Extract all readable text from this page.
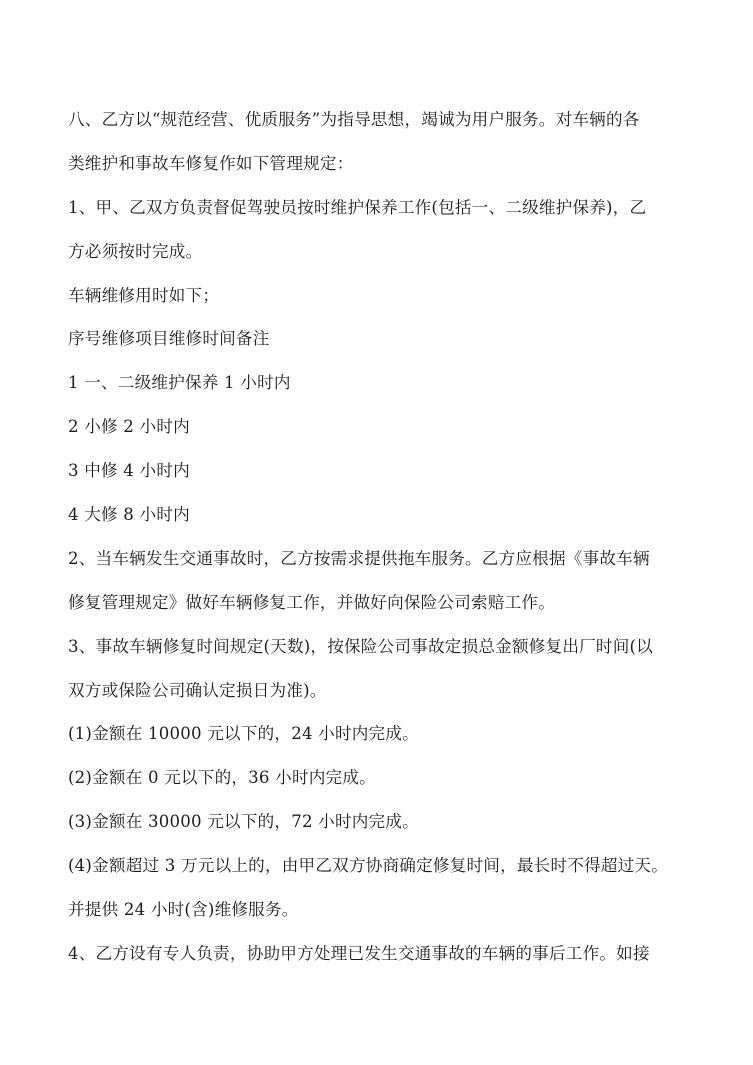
八、乙方以“规范经营、优质服务”为指导思想，竭诚为用户服务。对车辆的各
类维护和事故车修复作如下管理规定：
1、甲、乙双方负责督促驾驶员按时维护保养工作(包括一、二级维护保养)，乙
方必须按时完成。
车辆维修用时如下；
序号维修项目维修时间备注
1 一、二级维护保养 1 小时内
2 小修 2 小时内
3 中修 4 小时内
4 大修 8 小时内
2、当车辆发生交通事故时，乙方按需求提供拖车服务。乙方应根据《事故车辆
修复管理规定》做好车辆修复工作，并做好向保险公司索赔工作。
3、事故车辆修复时间规定(天数)，按保险公司事故定损总金额修复出厂时间(以
双方或保险公司确认定损日为准)。
(1)金额在 10000 元以下的，24 小时内完成。
(2)金额在 0 元以下的，36 小时内完成。
(3)金额在 30000 元以下的，72 小时内完成。
(4)金额超过 3 万元以上的，由甲乙双方协商确定修复时间，最长时不得超过天。
并提供 24 小时(含)维修服务。
4、乙方设有专人负责，协助甲方处理已发生交通事故的车辆的事后工作。如接
